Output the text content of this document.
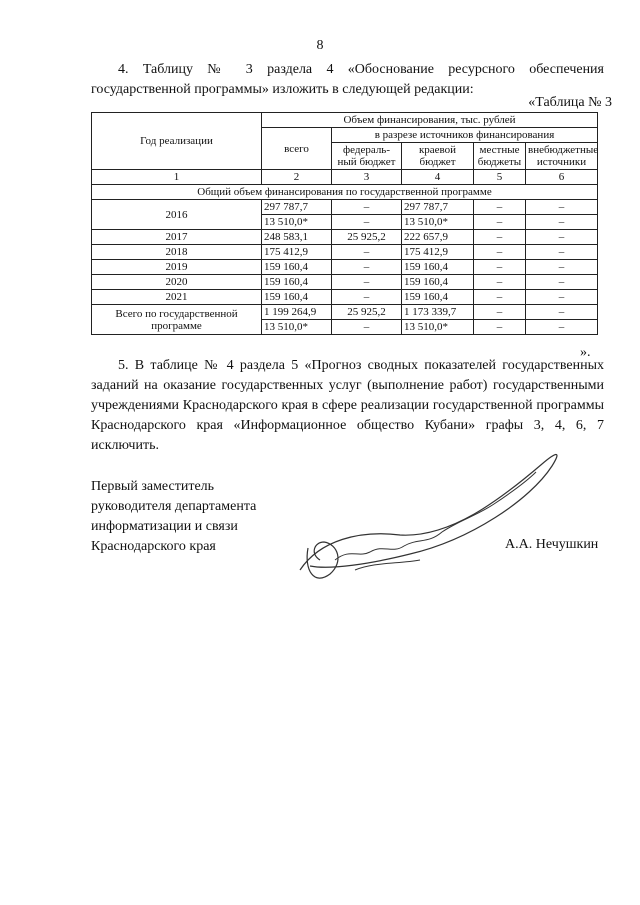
8
4. Таблицу № 3 раздела 4 «Обоснование ресурсного обеспечения государственной программы» изложить в следующей редакции:
«Таблица № 3
Год реализации	Объем финансирования, тыс. рублей				
	всего	в разрезе источников финансирования			
		федераль-ный бюджет	краевой бюджет	местные бюджеты	внебюджетные источники
1	2	3	4	5	6
Общий объем финансирования по государственной программе					
2016	297 787,7	–	297 787,7	–	–
	13 510,0*	–	13 510,0*	–	–
2017	248 583,1	25 925,2	222 657,9	–	–
2018	175 412,9	–	175 412,9	–	–
2019	159 160,4	–	159 160,4	–	–
2020	159 160,4	–	159 160,4	–	–
2021	159 160,4	–	159 160,4	–	–
Всего по государственной программе	1 199 264,9	25 925,2	1 173 339,7	–	–
	13 510,0*	–	13 510,0*	–	–
».
5. В таблице № 4 раздела 5 «Прогноз сводных показателей государственных заданий на оказание государственных услуг (выполнение работ) государственными учреждениями Краснодарского края в сфере реализации государственной программы Краснодарского края «Информационное общество Кубани» графы 3, 4, 6, 7 исключить.
Первый заместитель
руководителя департамента
информатизации и связи
Краснодарского края	А.А. Нечушкин
